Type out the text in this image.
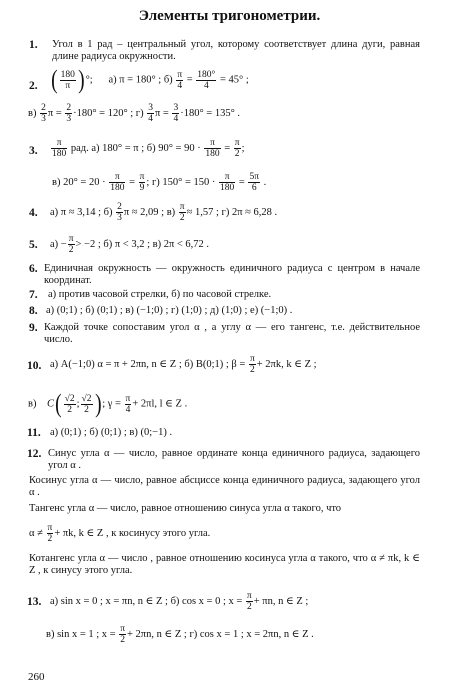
Элементы тригонометрии.
1. Угол в 1 рад – центральный угол, которому соответствует длина дуги, равная длине радиуса окружности.
2. ( $\frac{180}{\pi}$ )°;      а) π = 180° ; $б) \frac{\pi}{4} = \frac{180^\circ}{4} = 45^\circ$ ;
$в) \frac{2}{3}$ $\pi = \frac{2}{3} \cdot 180^\circ = 120^\circ$ ; $г) \frac{3}{4}$ $\pi = \frac{3}{4} \cdot 180^\circ = 135^\circ$ .
3. $\frac{\pi}{180}$ рад. а) 180° = π ; б) $90^\circ = 90 \cdot \frac{\pi}{180} = \frac{\pi}{2}$ ;
в) $20^\circ = 20 \cdot \frac{\pi}{180} = \frac{\pi}{9}$ ; г) $150^\circ = 150 \cdot \frac{\pi}{180} = \frac{5\pi}{6}$ .
4. а) π ≈ 3,14 ; $б) \frac{2}{3}$ π ≈ 2,09 ; $в) \frac{\pi}{2} \approx 1,57$ ; г) 2π ≈ 6,28 .
5. $а) - \frac{\pi}{2} > -2$ ; б) π < 3,2 ; в) 2π < 6,72 .
6. Единичная окружность — окружность единичного радиуса с центром в начале координат.
7. а) против часовой стрелки, б) по часовой стрелке.
8. а) (0;1) ; б) (0;1) ; в) (−1;0) ; г) (1;0) ; д) (1;0) ; е) (−1;0) .
9. Каждой точке сопоставим угол α , а углу α — его тангенс, т.е. действительное число.
10. а) A(−1;0) α = π + 2πn, n ∈ Z ; б) B(0;1) ; $\beta = \frac{\pi}{2} + 2\pi k$, k ∈ Z ;
в) $C( \frac{√2}{2}$ ; $\frac{√2}{2}$ ); $\gamma = \frac{\pi}{4} + 2\pi l$, l ∈ Z .
11. а) (0;1) ; б) (0;1) ; в) (0;−1) .
12. Синус угла α — число, равное ординате конца единичного радиуса, задающего угол α .
Косинус угла α — число, равное абсциссе конца единичного радиуса, задающего угол α .
Тангенс угла α — число, равное отношению синуса угла α такого, что
$\alpha \ne \frac{\pi}{2} + \pi k$, k ∈ Z , к косинусу этого угла.
Котангенс угла α — число , равное отношению косинуса угла α такого, что α ≠ πk, k ∈ Z , к синусу этого угла.
13. а) sin x = 0 ; x = πn, n ∈ Z ; б) cos x = 0 ; $x = \frac{\pi}{2} + \pi n$, n ∈ Z ;
в) sin x = 1 ; $x = \frac{\pi}{2} + 2\pi n$, n ∈ Z ; г) cos x = 1 ; x = 2πn, n ∈ Z .
260
